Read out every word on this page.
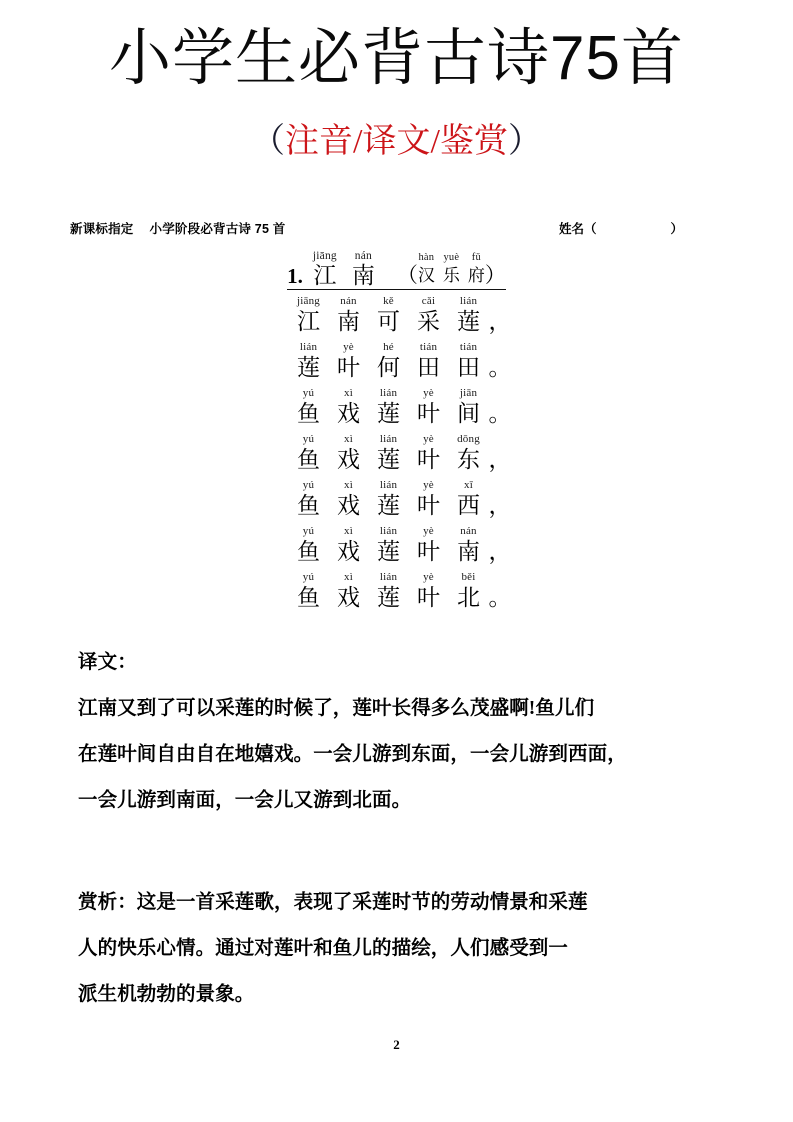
小学生必背古诗75首
（注音/译文/鉴赏）
新课标指定 小学阶段必背古诗 75 首	姓名（	）
1.
jiāng
江
nán
南 （
hàn
汉
yuè
乐
fǔ
府 ）
jiāng
江
nán
南
kě
可
cǎi
采
lián
莲 ，
lián
莲
yè
叶
hé
何
tián
田
tián
田 。
yú
鱼
xì
戏
lián
莲
yè
叶
jiān
间 。
yú
鱼
xì
戏
lián
莲
yè
叶
dōng
东 ，
yú
鱼
xì
戏
lián
莲
yè
叶
xī
西 ，
yú
鱼
xì
戏
lián
莲
yè
叶
nán
南 ，
yú
鱼
xì
戏
lián
莲
yè
叶
běi
北 。
译文：
江南又到了可以采莲的时候了，莲叶长得多么茂盛啊!鱼儿们
在莲叶间自由自在地嬉戏。一会儿游到东面，一会儿游到西面，
一会儿游到南面，一会儿又游到北面。
赏析：这是一首采莲歌，表现了采莲时节的劳动情景和采莲
人的快乐心情。通过对莲叶和鱼儿的描绘，人们感受到一
派生机勃勃的景象。
2
